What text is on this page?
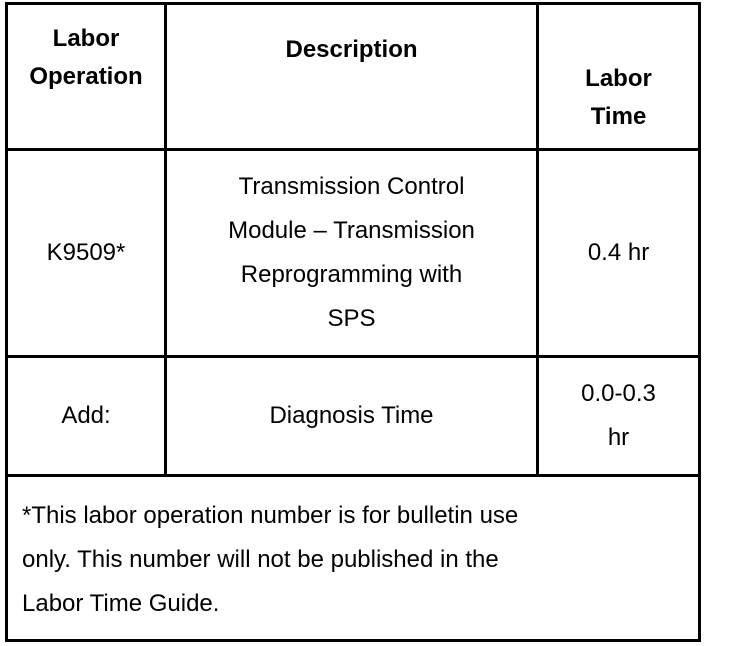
Labor
Operation
Description
Labor
Time
K9509*
Transmission Control
Module – Transmission
Reprogramming with
SPS
0.4 hr
Add:	Diagnosis Time
0.0-0.3
hr
*This labor operation number is for bulletin use
only. This number will not be published in the
Labor Time Guide.
